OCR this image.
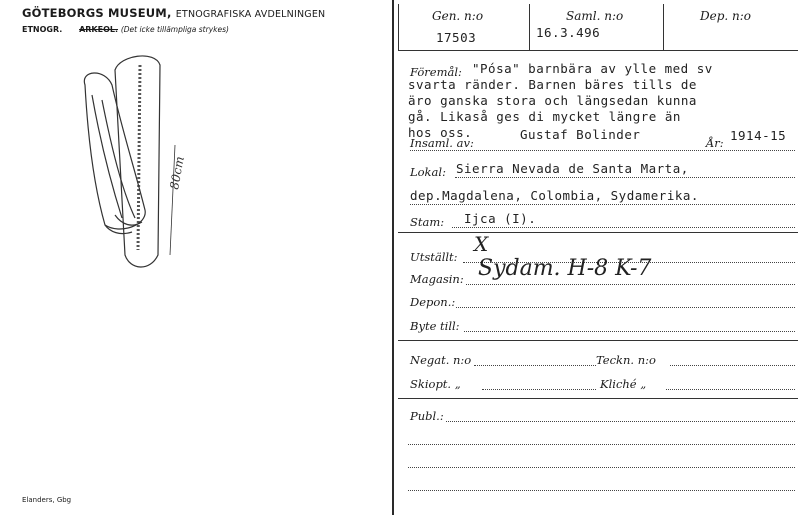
GÖTEBORGS MUSEUM, ETNOGRAFISKA AVDELNINGEN
ETNOGR. ARKEOL. (Det icke tillämpliga strykes)
80cm
Elanders, Gbg
Gen. n:o
17503
Saml. n:o
16.3.496
Dep. n:o
Föremål: "Pósa" barnbära av ylle med sv
svarta ränder. Barnen bäres tills de
äro ganska stora och längsedan kunna
gå. Likaså ges di mycket längre än
hos oss.
Insaml. av:
Gustaf Bolinder
År: 1914-15
Lokal: Sierra Nevada de Santa Marta,
dep.Magdalena, Colombia, Sydamerika.
Stam: Ijca (I).
Utställt:
X
Magasin: Sydam. H-8 K-7
Depon.:
Byte till:
Negat. n:o	Teckn. n:o
Skiopt. „	Kliché „
Publ.:
